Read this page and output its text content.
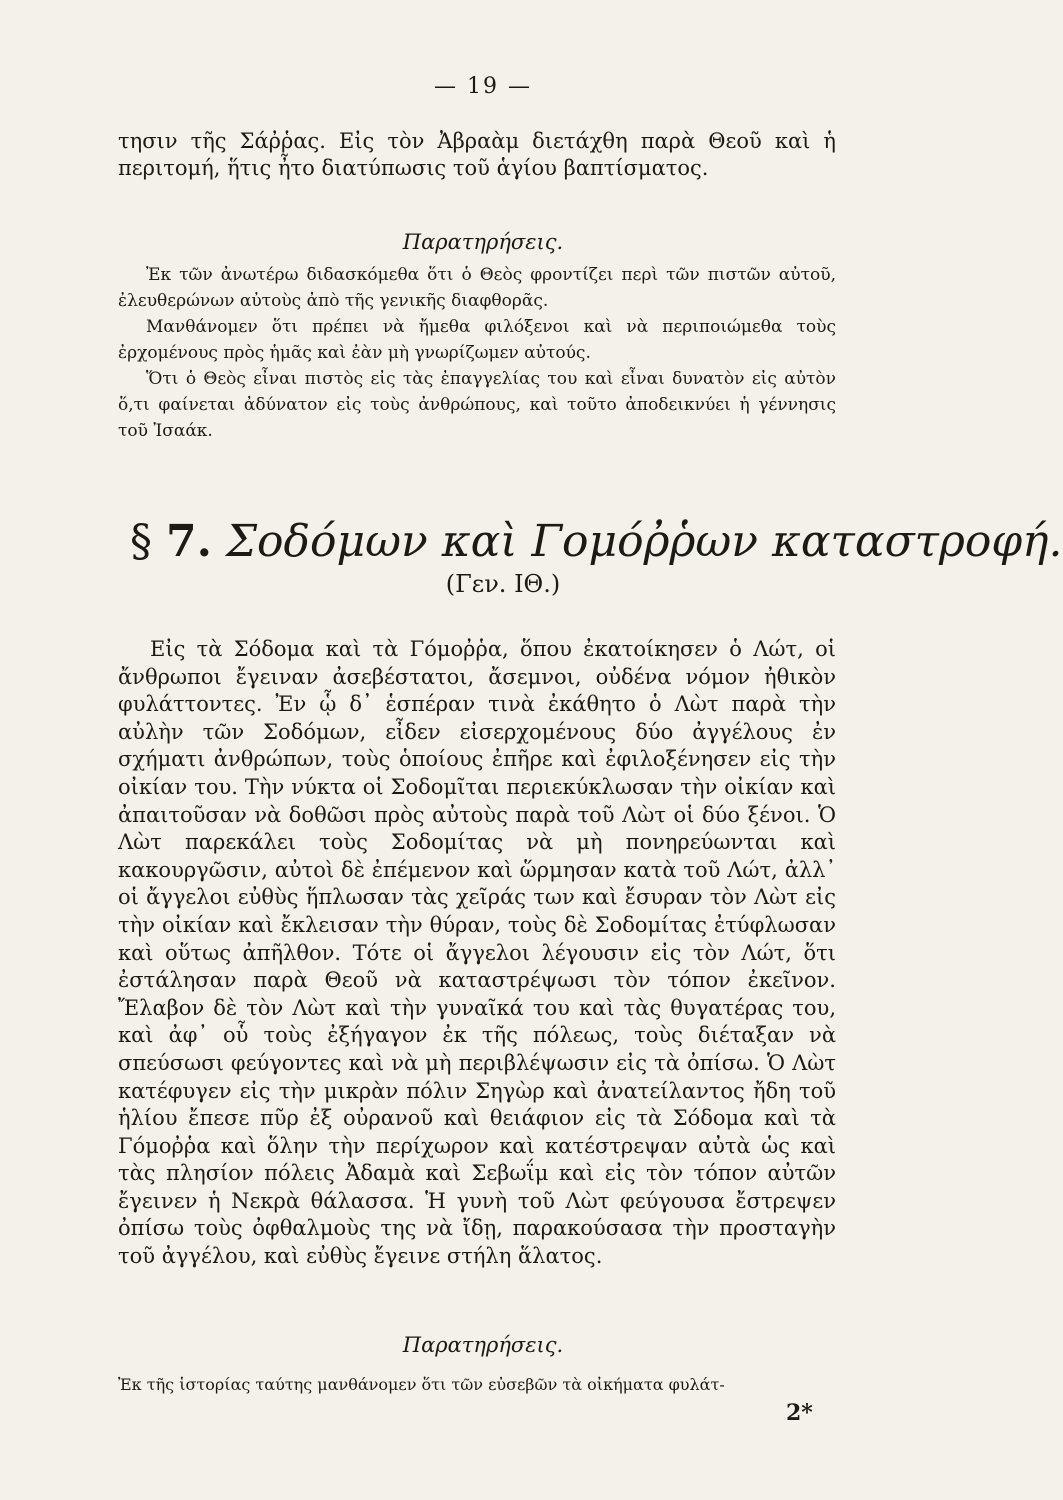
— 19 —

τησιν τῆς Σάῤῥας. Εἰς τὸν Ἀβραὰμ διετάχθη παρὰ Θεοῦ καὶ ἡ περιτομή, ἥτις ἦτο διατύπωσις τοῦ ἁγίου βαπτίσματος.

Παρατηρήσεις.

Ἐκ τῶν ἀνωτέρω διδασκόμεθα ὅτι ὁ Θεὸς φροντίζει περὶ τῶν πιστῶν αὐτοῦ, ἐλευθερώνων αὐτοὺς ἀπὸ τῆς γενικῆς διαφθορᾶς.

Μανθάνομεν ὅτι πρέπει νὰ ἤμεθα φιλόξενοι καὶ νὰ περιποιώμεθα τοὺς ἐρχομένους πρὸς ἡμᾶς καὶ ἐὰν μὴ γνωρίζωμεν αὐτούς.

Ὅτι ὁ Θεὸς εἶναι πιστὸς εἰς τὰς ἐπαγγελίας του καὶ εἶναι δυνατὸν εἰς αὐτὸν ὅ,τι φαίνεται ἀδύνατον εἰς τοὺς ἀνθρώπους, καὶ τοῦτο ἀποδεικνύει ἡ γέννησις τοῦ Ἰσαάκ.

§ 7. Σοδόμων καὶ Γομόῤῥων καταστροφή.
(Γεν. ΙΘ.)

Εἰς τὰ Σόδομα καὶ τὰ Γόμοῤῥα, ὅπου ἐκατοίκησεν ὁ Λώτ, οἱ ἄνθρωποι ἔγειναν ἀσεβέστατοι, ἄσεμνοι, οὐδένα νόμον ἠθικὸν φυλάττοντες. Ἐν ᾧ δ᾽ ἑσπέραν τινὰ ἐκάθητο ὁ Λὼτ παρὰ τὴν αὐλὴν τῶν Σοδόμων, εἶδεν εἰσερχομένους δύο ἀγγέλους ἐν σχήματι ἀνθρώπων, τοὺς ὁποίους ἐπῆρε καὶ ἐφιλοξένησεν εἰς τὴν οἰκίαν του. Τὴν νύκτα οἱ Σοδομῖται περιεκύκλωσαν τὴν οἰκίαν καὶ ἀπαιτοῦσαν νὰ δοθῶσι πρὸς αὐτοὺς παρὰ τοῦ Λὼτ οἱ δύο ξένοι. Ὁ Λὼτ παρεκάλει τοὺς Σοδομίτας νὰ μὴ πονηρεύωνται καὶ κακουργῶσιν, αὐτοὶ δὲ ἐπέμενον καὶ ὥρμησαν κατὰ τοῦ Λώτ, ἀλλ᾽ οἱ ἄγγελοι εὐθὺς ἥπλωσαν τὰς χεῖράς των καὶ ἔσυραν τὸν Λὼτ εἰς τὴν οἰκίαν καὶ ἔκλεισαν τὴν θύραν, τοὺς δὲ Σοδομίτας ἐτύφλωσαν καὶ οὕτως ἀπῆλθον. Τότε οἱ ἄγγελοι λέγουσιν εἰς τὸν Λώτ, ὅτι ἐστάλησαν παρὰ Θεοῦ νὰ καταστρέψωσι τὸν τόπον ἐκεῖνον. Ἔλαβον δὲ τὸν Λὼτ καὶ τὴν γυναῖκά του καὶ τὰς θυγατέρας του, καὶ ἀφ᾽ οὗ τοὺς ἐξήγαγον ἐκ τῆς πόλεως, τοὺς διέταξαν νὰ σπεύσωσι φεύγοντες καὶ νὰ μὴ περιβλέψωσιν εἰς τὰ ὀπίσω. Ὁ Λὼτ κατέφυγεν εἰς τὴν μικρὰν πόλιν Σηγὼρ καὶ ἀνατείλαντος ἤδη τοῦ ἡλίου ἔπεσε πῦρ ἐξ οὐρανοῦ καὶ θειάφιον εἰς τὰ Σόδομα καὶ τὰ Γόμοῤῥα καὶ ὅλην τὴν περίχωρον καὶ κατέστρεψαν αὐτὰ ὡς καὶ τὰς πλησίον πόλεις Ἀδαμὰ καὶ Σεβωΐμ καὶ εἰς τὸν τόπον αὐτῶν ἔγεινεν ἡ Νεκρὰ θάλασσα. Ἡ γυνὴ τοῦ Λὼτ φεύγουσα ἔστρεψεν ὀπίσω τοὺς ὀφθαλμοὺς της νὰ ἴδῃ, παρακούσασα τὴν προσταγὴν τοῦ ἀγγέλου, καὶ εὐθὺς ἔγεινε στήλη ἅλατος.

Παρατηρήσεις.

Ἐκ τῆς ἱστορίας ταύτης μανθάνομεν ὅτι τῶν εὐσεβῶν τὰ οἰκήματα φυλάτ-

2*
